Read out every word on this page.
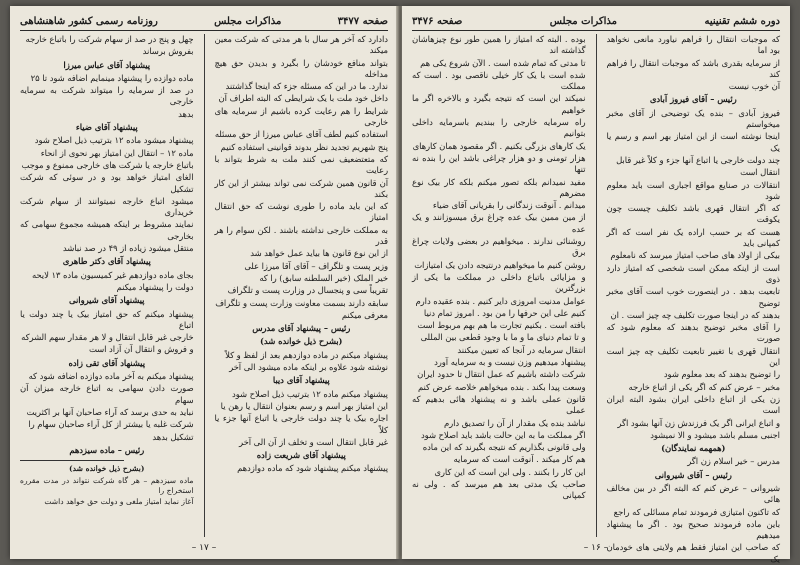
صفحه ۳۴۷۷
مذاکرات مجلس
روزنامه رسمی کشور شاهنشاهی

دادارد که آخر هر سال با هر مدتی که شرکت معین میکند

بتواند منافع خودشان را بگیرد و بدیدن حق هیچ مداخله

ندارد. ما در این که مسئله جزء که اینجا گذاشتند

داخل خود ملت با یک شرایطی که البته اطراف آن

شرایط را هم رعایت کرده باشیم از سرمایه های خارجی

استفاده کنیم لطف آقای عباس میرزا از حق مسئله

پنج شهریم تجدید نظر بدوند قوانینی استفاده کنیم

که متعتضعیف نمی کنند ملت به شرط بتواند با رعایت

آن قانون همین شرکت نمی تواند بیشتر از این کار بکند

که این باید ماده را طوری نوشت که حق انتقال امتیاز

به مملکت خارجی نداشته باشند . لکن سوام را هر قدر

از این نوع قانون ها بیاید عمل خواهد شد

وزیر پست و تلگراف – آقای آقا میرزا علی

خیر الملک (خیر السلطنه سابق) را که

تقریباً سی و پنجسال در وزارت پست و تلگراف

سابقه دارند بسمت معاونت وزارت پست و تلگراف

معرفی میکنم

رئیس – پیشنهاد آقای مدرس

(بشرح ذیل خوانده شد)

پیشنهاد میکنم در ماده دوازدهم بعد از لفظ و کلاً

نوشته شود علاوه بر اینکه ماده میشود الی آخر

پیشنهاد آقای دیبا

پیشنهاد میکنم ماده ۱۲ بترتیب ذیل اصلاح شود

این امتیاز بهر اسم و رسم بعنوان انتقال یا رهن یا

اجاره بیک یا چند دولت خارجی یا اتباع آنها جزء یا کلاً

غیر قابل انتقال است و تخلف از آن الی آخر

پیشنهاد آقای شریعت زاده

پیشنهاد میکنم پیشنهاد شود که ماده دوازدهم

چهل و پنج در صد از سهام شرکت را باتباع خارجه

بفروش برساند

پیشنهاد آقای عباس میرزا

ماده دوازده را پیشنهاد مینمایم اضافه شود تا ۲۵

در صد از سرمایه را میتواند شرکت به سرمایه خارجی

بدهد

پیشنهاد آقای ضیاء

پیشنهاد میشود ماده ۱۲ بترتیب ذیل اصلاح شود

ماده ۱۲ – انتقال این امتیاز بهر نحوی از انحاء

باتباع خارجه یا شرکت های خارجی ممنوع و موجب

الغای امتیاز خواهد بود و در سوئی که شرکت تشکیل

میشود اتباع خارجه نمیتوانند از سهام شرکت خریداری

نمایند مشروط بر اینکه همیشه مجموع سهامی که بخارجی

منتقل میشود زیاده از ۴۹ در صد نباشد

پیشنهاد آقای دکتر طاهری

بجای ماده دوازدهم غیر کمیسیون ماده ۱۳ لایحه

دولت را پیشنهاد میکنم

پیشنهاد آقای شیروانی

پیشنهاد میکنم که حق امتیاز بیک یا چند دولت یا اتباع

خارجی غیر قابل انتقال و لا هر مقدار سهم الشرکه

و فروش و انتقال آن آزاد است

پیشنهاد آقای تقی زاده

پیشنهاد میکنم به آخر ماده دوازده اضافه شود که

صورت دادن سهامی به اتباع خارجه میزان آن سهام

نباید به حدی برسد که آراء صاحبان آنها بر اکثریت

شرکت غلبه یا بیشتر از کل آراء صاحبان سهام را

تشکیل بدهد

رئیس – ماده سیزدهم

(بشرح ذیل خوانده شد)

ماده سیزدهم – هر گاه شرکت نتواند در مدت مقرره استخراج را

آغاز نماید امتیاز ملغی و دولت حق خواهد داشت

– ۱۷ –
دوره ششم تقنینیه
مذاکرات مجلس
صفحه ۳۴۷۶

که موجبات انتقال را فراهم نیاورد مانعی نخواهد بود اما

از سرمایه بقدری باشد که موجبات انتقال را فراهم کند

آن خوب نیست

رئیس – آقای فیروز آبادی

فیروز آبادی – بنده یک توضیحی از آقای مخبر میخواستم

اینجا نوشته است از این امتیاز بهر اسم و رسم یا یک

چند دولت خارجی یا اتباع آنها جزء و کلاً غیر قابل

انتقال است

انتقالات در صنایع مواقع اجباری است باید معلوم شود

که اگر انتقال قهری باشد تکلیف چیست چون یکوقت

هست که بر حسب اراده یک نفر است که اگر کمپانی باید

بیکی از اولاد های صاحب امتیاز میرسد که نامعلوم

است از اینکه ممکن است شخصی که امتیاز دارد ذوی

تابعیت بدهد . در اینصورت خوب است آقای مخبر توضیح

بدهند که در اینجا صورت تکلیف چه چیز است . ان

را آقای مخبر توضیح بدهند که معلوم شود که صورت

انتقال قهری با تغییر تابعیت تکلیف چه چیز است این

را توضیح بدهند که بعد معلوم شود

مخبر – عرض کنم که اگر یکی از اتباع خارجه

زن یکی از اتباع داخلی ایران بشود البته ایران است

و اتباع ایرانی اگر یک فرزندش زن آنها بشود اگر

اجنبی مسلم باشد میشود و الا نمیشود

(همهمه نمایندگان)

مدرس – خیر اسلام زن اگر

رئیس – آقای شیروانی

شیروانی – عرض کنم که البته اگر در بین مخالف هائی

که تاکنون امتیازی فرمودند تمام مسائلی که راجع

باین ماده فرمودند صحیح بود . اگر ما پیشنهاد میدهیم

که صاحب این امتیاز فقط هم ولایتی های خودمان یک

بوده . البته که امتیاز را همین طور نوع چیزهاشان گذاشته اند

تا مدتی که تمام شده است . الآن شروع یکی هم

شده است با یک کار خیلی ناقصی بود . است که مملکت

نمیکند این است که نتیجه بگیرد و بالاخره اگر ما خواهیم

راه سرمایه خارجی را ببندیم باسرمایه داخلی بتوانیم

یک کارهای بزرگی بکنیم . اگر مقصود همان کارهای

هزار تومنی و دو هزار چراغی باشد این را بنده نه تنها

مفید نمیدانم بلکه تصور میکنم بلکه کار بیک نوع مضرهم

میدانم . آنوقت زندگانی را بقریانی آقای ضیاء

از مین ممین بیک عده چراغ برق میسوزانند و یک عده

روشنائی ندارند . میخواهیم در بعضی ولایات چراغ برق

روشن کنیم ما میخواهیم درنتیجه دادن یک امتیازات

و مزایائی باتباع داخلی در مملکت ما یکی از بزرگترین

عوامل مدنیت امروزی دایر کنیم . بنده عقیده دارم

کنیم علی این حرفها را من بود . امروز تمام دنیا

بافته است . بکنیم تجارت ما هم بهم مربوط است

و تا تمام دنیای ما و ما با وجود قطعی بین المللی

انتقال سرمایه در آنجا که تعیین میکنند

پیشنهاد میدهیم وزن نیست و به سرمایه آورد

شرکت داشته باشیم که عمل انتقال تا حدود ایران

وسعت پیدا بکند . بنده میخواهم خلاصه عرض کنم

قانون عملی باشد و نه پیشنهاد هائی بدهیم که عملی

نباشد بنده یک مقدار از آن را تصدیق دارم

اگر مملکت ما به این حالت باشد باید اصلاح شود

ولی قانونی بگذاریم که نتیجه بگیرند که این ماده

هم کار میکند . آنوقت است که سرمایه

این کار را بکنند . ولی این است که این کاری

صاحب یک مدتی بعد هم میرسد که . ولی نه کمپانی

– ۱۶ –
